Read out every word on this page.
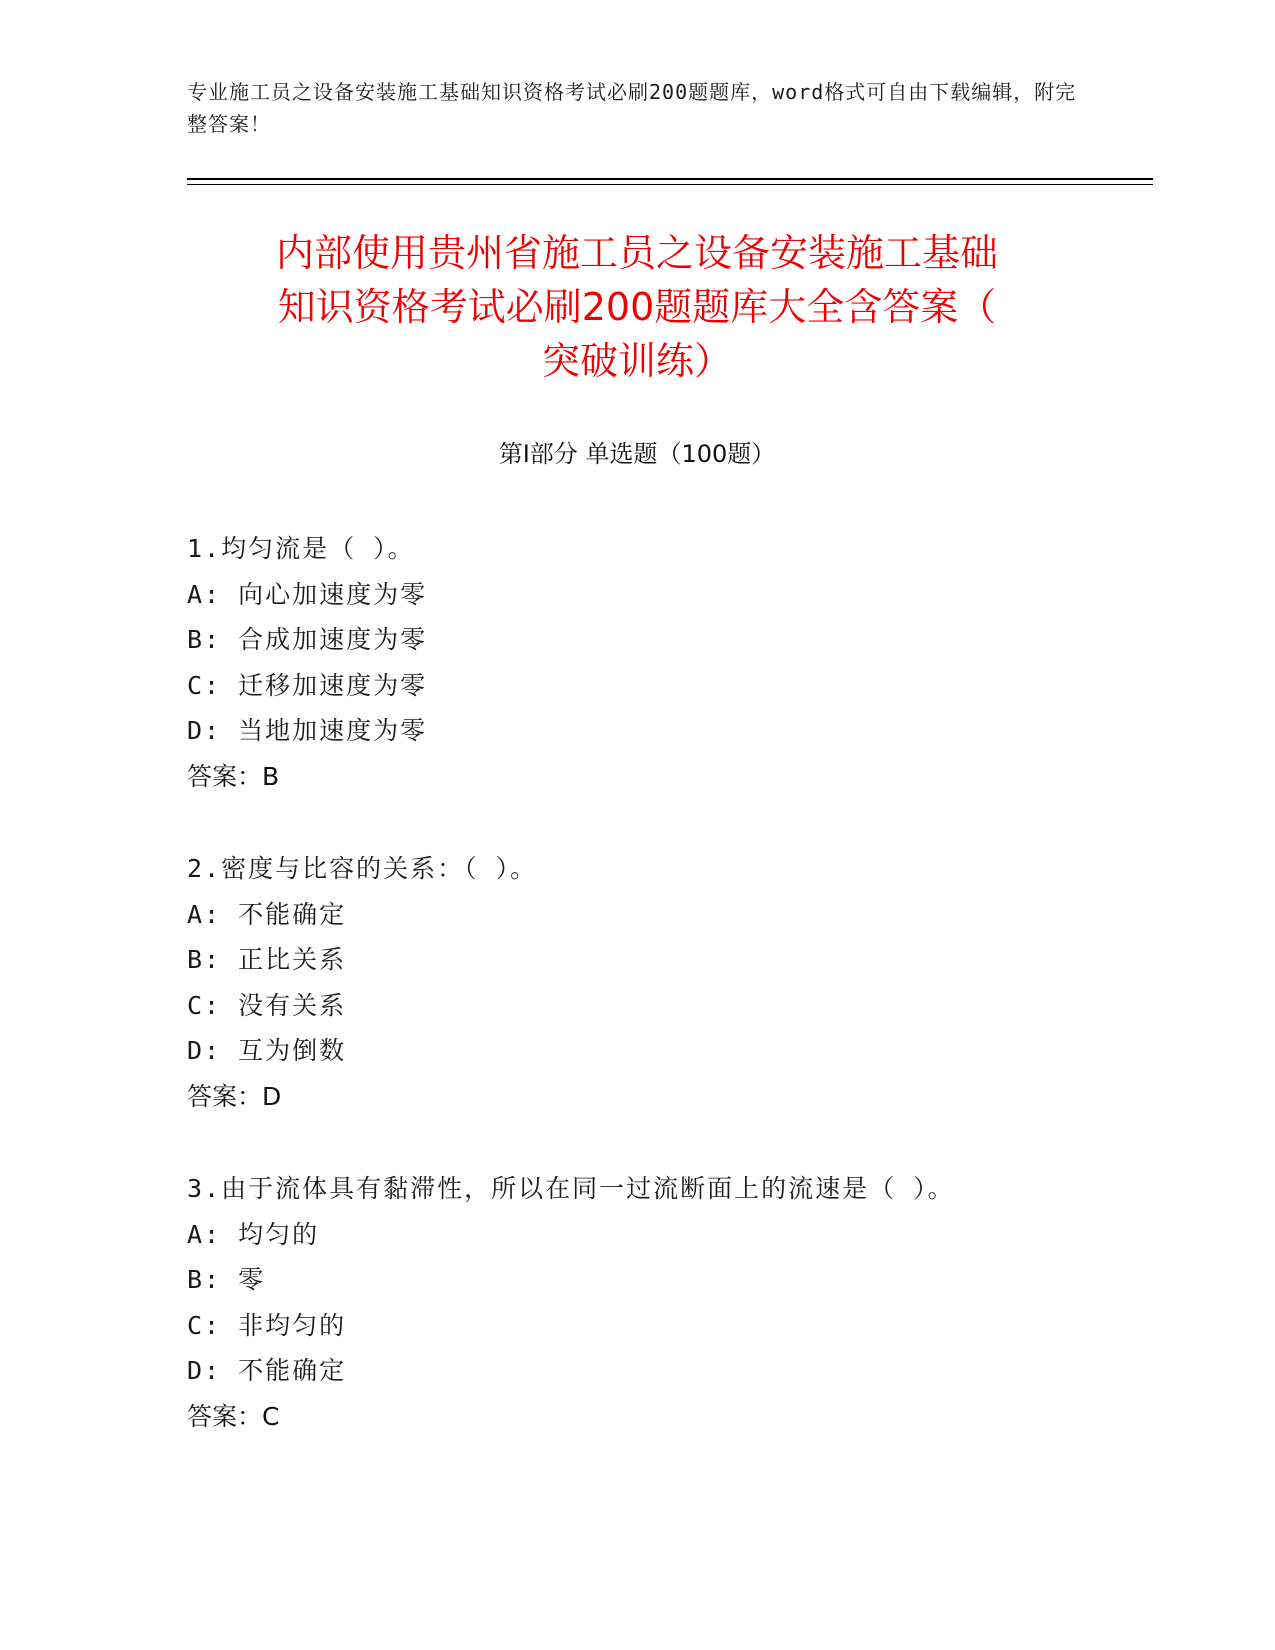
专业施工员之设备安装施工基础知识资格考试必刷200题题库，word格式可自由下载编辑，附完整答案！
内部使用贵州省施工员之设备安装施工基础
知识资格考试必刷200题题库大全含答案（
突破训练）
第Ⅰ部分 单选题（100题）
1.均匀流是（ ）。
A: 向心加速度为零
B: 合成加速度为零
C: 迁移加速度为零
D: 当地加速度为零
答案：B
2.密度与比容的关系：（ ）。
A: 不能确定
B: 正比关系
C: 没有关系
D: 互为倒数
答案：D
3.由于流体具有黏滞性，所以在同一过流断面上的流速是（ ）。
A: 均匀的
B: 零
C: 非均匀的
D: 不能确定
答案：C
